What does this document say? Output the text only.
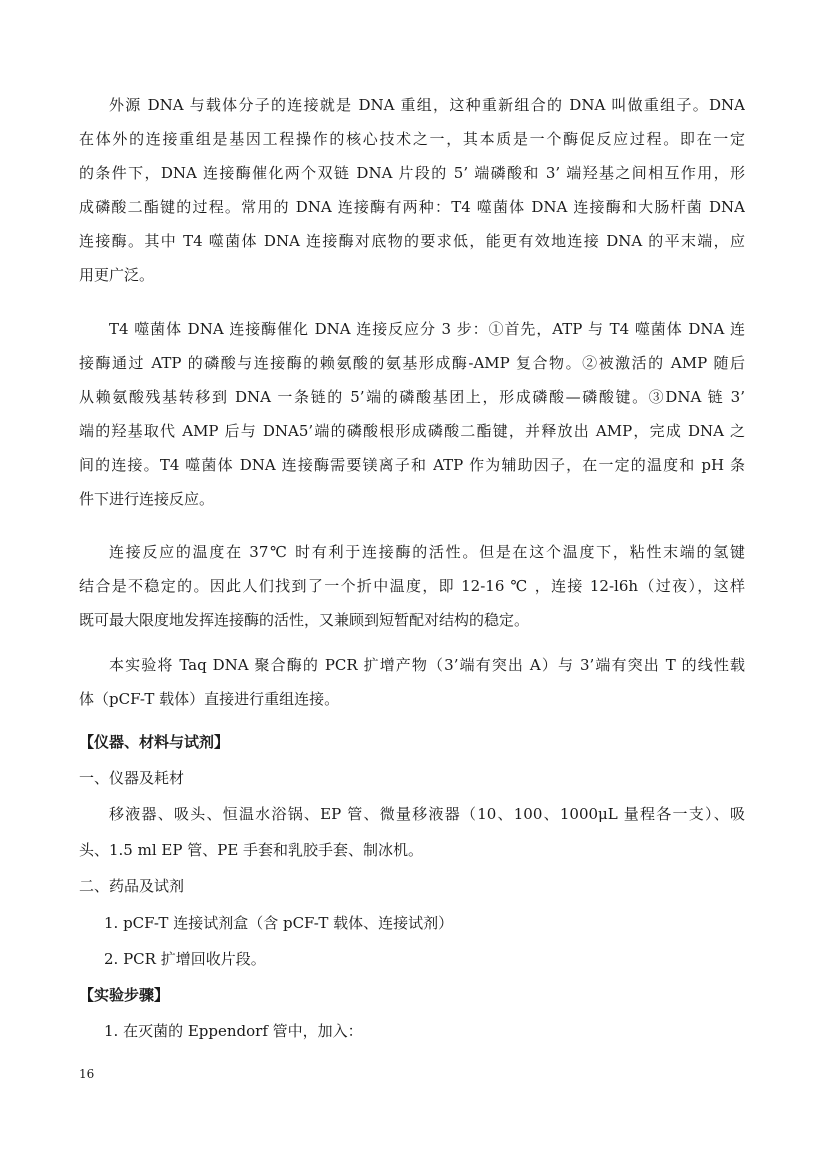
外源 DNA 与载体分子的连接就是 DNA 重组，这种重新组合的 DNA 叫做重组子。DNA
在体外的连接重组是基因工程操作的核心技术之一，其本质是一个酶促反应过程。即在一定
的条件下，DNA 连接酶催化两个双链 DNA 片段的 5’ 端磷酸和 3’ 端羟基之间相互作用，形
成磷酸二酯键的过程。常用的 DNA 连接酶有两种：T4 噬菌体 DNA 连接酶和大肠杆菌 DNA
连接酶。其中 T4 噬菌体 DNA 连接酶对底物的要求低，能更有效地连接 DNA 的平末端，应
用更广泛。
T4 噬菌体 DNA 连接酶催化 DNA 连接反应分 3 步：①首先，ATP 与 T4 噬菌体 DNA 连
接酶通过 ATP 的磷酸与连接酶的赖氨酸的氨基形成酶-AMP 复合物。②被激活的 AMP 随后
从赖氨酸残基转移到 DNA 一条链的 5’端的磷酸基团上，形成磷酸—磷酸键。③DNA 链 3’
端的羟基取代 AMP 后与 DNA5’端的磷酸根形成磷酸二酯键，并释放出 AMP，完成 DNA 之
间的连接。T4 噬菌体 DNA 连接酶需要镁离子和 ATP 作为辅助因子，在一定的温度和 pH 条
件下进行连接反应。
连接反应的温度在 37℃ 时有利于连接酶的活性。但是在这个温度下，粘性末端的氢键
结合是不稳定的。因此人们找到了一个折中温度，即 12-16 ℃ ，连接 12-l6h（过夜），这样
既可最大限度地发挥连接酶的活性，又兼顾到短暂配对结构的稳定。
本实验将 Taq DNA 聚合酶的 PCR 扩增产物（3’端有突出 A）与 3’端有突出 T 的线性载
体（pCF-T 载体）直接进行重组连接。
【仪器、材料与试剂】
一、仪器及耗材
移液器、吸头、恒温水浴锅、EP 管、微量移液器（10、100、1000μL 量程各一支）、吸
头、1.5 ml EP 管、PE 手套和乳胶手套、制冰机。
二、药品及试剂
1. pCF-T 连接试剂盒（含 pCF-T 载体、连接试剂）
2. PCR 扩增回收片段。
【实验步骤】
1. 在灭菌的 Eppendorf 管中，加入：
16
